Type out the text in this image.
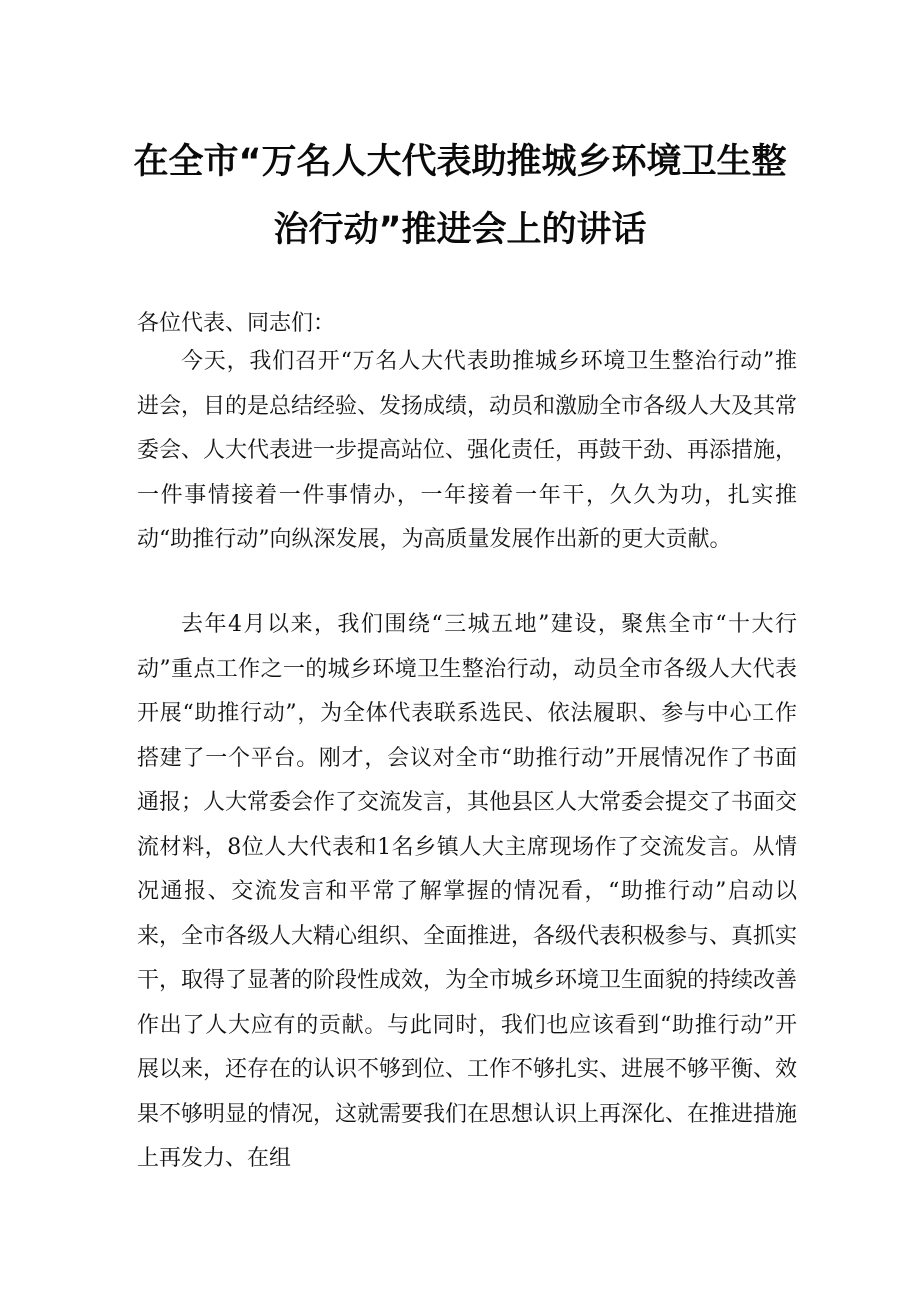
在全市“万名人大代表助推城乡环境卫生整
治行动”推进会上的讲话
各位代表、同志们：

今天，我们召开“万名人大代表助推城乡环境卫生整治行动”推进会，目的是总结经验、发扬成绩，动员和激励全市各级人大及其常委会、人大代表进一步提高站位、强化责任，再鼓干劲、再添措施，一件事情接着一件事情办，一年接着一年干，久久为功，扎实推动“助推行动”向纵深发展，为高质量发展作出新的更大贡献。

去年4月以来，我们围绕“三城五地”建设，聚焦全市“十大行动”重点工作之一的城乡环境卫生整治行动，动员全市各级人大代表开展“助推行动”，为全体代表联系选民、依法履职、参与中心工作搭建了一个平台。刚才，会议对全市“助推行动”开展情况作了书面通报；人大常委会作了交流发言，其他县区人大常委会提交了书面交流材料，8位人大代表和1名乡镇人大主席现场作了交流发言。从情况通报、交流发言和平常了解掌握的情况看，“助推行动”启动以来，全市各级人大精心组织、全面推进，各级代表积极参与、真抓实干，取得了显著的阶段性成效，为全市城乡环境卫生面貌的持续改善作出了人大应有的贡献。与此同时，我们也应该看到“助推行动”开展以来，还存在的认识不够到位、工作不够扎实、进展不够平衡、效果不够明显的情况，这就需要我们在思想认识上再深化、在推进措施上再发力、在组
